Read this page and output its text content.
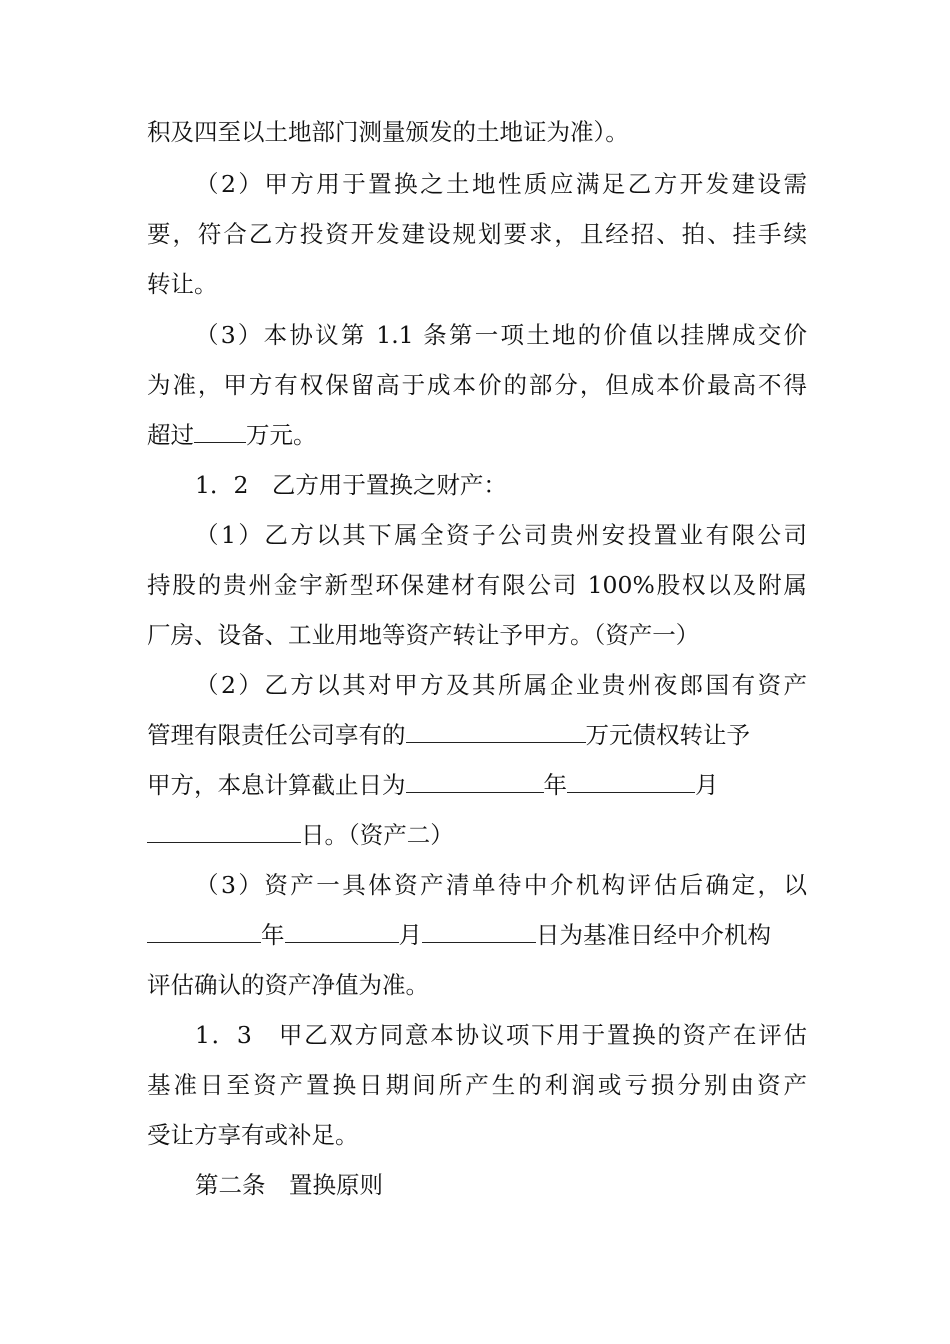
积及四至以土地部门测量颁发的土地证为准）。
（2）甲方用于置换之土地性质应满足乙方开发建设需
要，符合乙方投资开发建设规划要求，且经招、拍、挂手续
转让。
（3）本协议第 1.1 条第一项土地的价值以挂牌成交价
为准，甲方有权保留高于成本价的部分，但成本价最高不得
超过 万元。
1．2　乙方用于置换之财产：
（1）乙方以其下属全资子公司贵州安投置业有限公司
持股的贵州金宇新型环保建材有限公司 100%股权以及附属
厂房、设备、工业用地等资产转让予甲方。（资产一）
（2）乙方以其对甲方及其所属企业贵州夜郎国有资产
管理有限责任公司享有的	万元债权转让予
甲方，本息计算截止日为	年	月
日。（资产二）
（3）资产一具体资产清单待中介机构评估后确定，以
年	月	日为基准日经中介机构
评估确认的资产净值为准。
1．3　甲乙双方同意本协议项下用于置换的资产在评估
基准日至资产置换日期间所产生的利润或亏损分别由资产
受让方享有或补足。
第二条　置换原则
